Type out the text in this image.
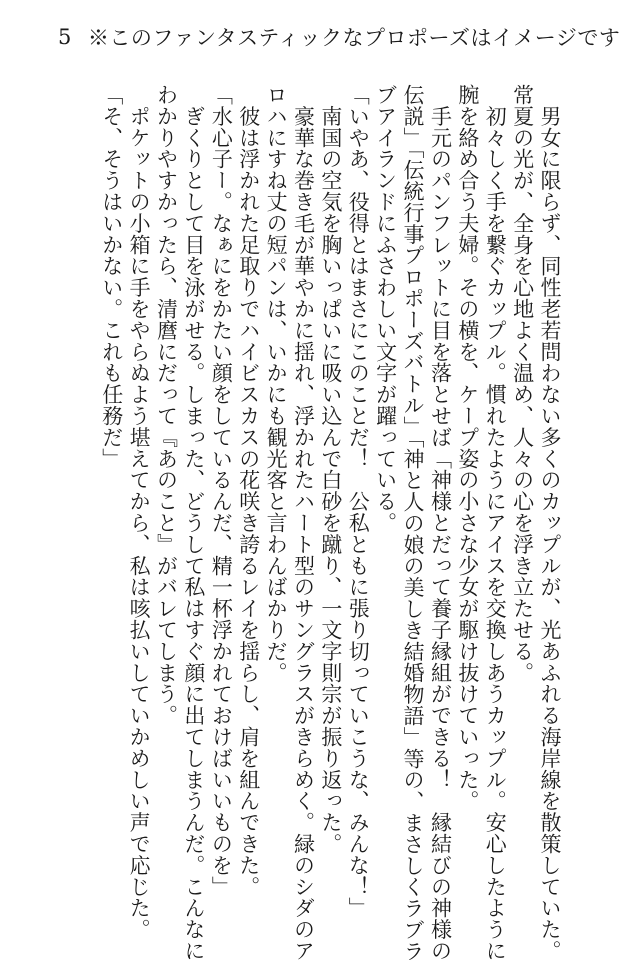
5 ※このファンタスティックなプロポーズはイメージです
　男女に限らず、同性老若問わない多くのカップルが、光あふれる海岸線を散策していた。
常夏の光が、全身を心地よく温め、人々の心を浮き立たせる。
　初々しく手を繋ぐカップル。慣れたようにアイスを交換しあうカップル。安心したように
腕を絡め合う夫婦。その横を、ケープ姿の小さな少女が駆け抜けていった。
　手元のパンフレットに目を落とせば「神様とだって養子縁組ができる！　縁結びの神様の
伝説」「伝統行事プロポーズバトル」「神と人の娘の美しき結婚物語」等の、まさしくラブラ
ブアイランドにふさわしい文字が躍っている。
「いやあ、役得とはまさにこのことだ！　公私ともに張り切っていこうな、みんな！」
　南国の空気を胸いっぱいに吸い込んで白砂を蹴り、一文字則宗が振り返った。
　豪華な巻き毛が華やかに揺れ、浮かれたハート型のサングラスがきらめく。緑のシダのア
ロハにすね丈の短パンは、いかにも観光客と言わんばかりだ。
　彼は浮かれた足取りでハイビスカスの花咲き誇るレイを揺らし、肩を組んできた。
「水心子ー。なぁにをかたい顔をしているんだ、精一杯浮かれておけばいいものを」
　ぎくりとして目を泳がせる。しまった、どうして私はすぐ顔に出てしまうんだ。こんなに
わかりやすかったら、清麿にだって『あのこと』がバレてしまう。
　ポケットの小箱に手をやらぬよう堪えてから、私は咳払いしていかめしい声で応じた。
「そ、そうはいかない。これも任務だ」
